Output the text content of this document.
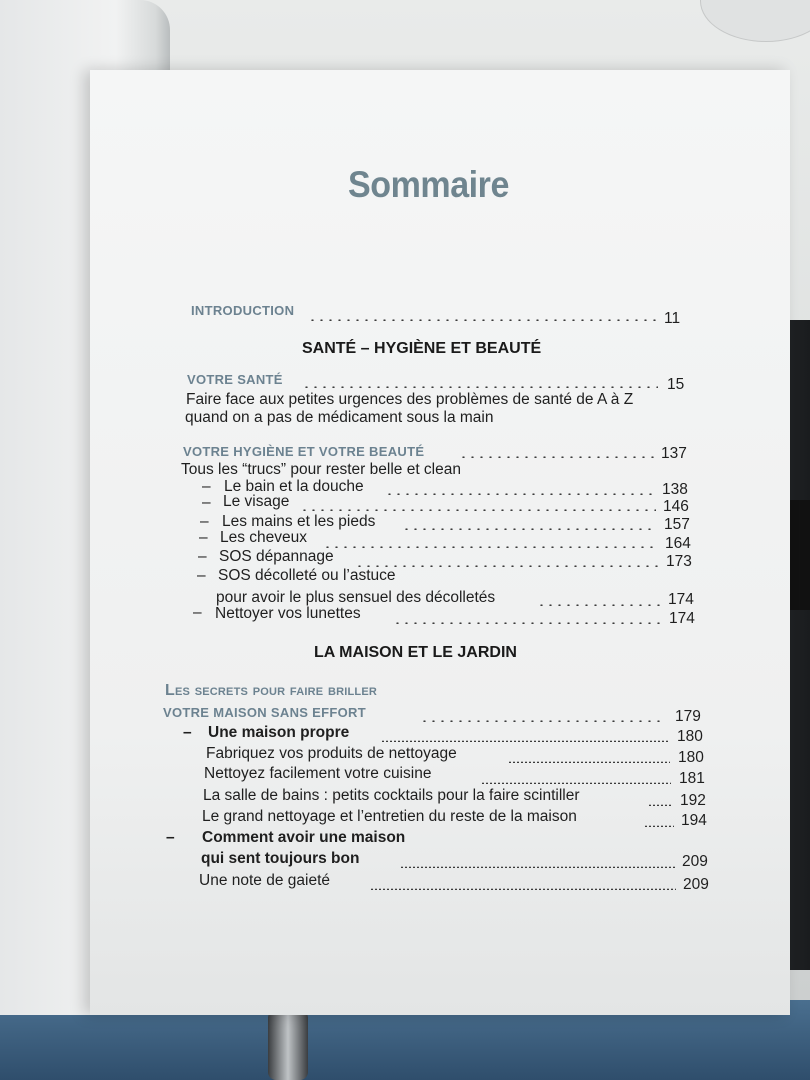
Sommaire
INTRODUCTION	11
SANTÉ – HYGIÈNE ET BEAUTÉ
VOTRE SANTÉ	15
Faire face aux petites urgences des problèmes de santé de A à Z
quand on a pas de médicament sous la main
VOTRE HYGIÈNE ET VOTRE BEAUTÉ	137
Tous les “trucs” pour rester belle et clean
– Le bain et la douche	138
– Le visage	146
– Les mains et les pieds	157
– Les cheveux	164
– SOS dépannage	173
– SOS décolleté ou l’astuce
pour avoir le plus sensuel des décolletés	174
– Nettoyer vos lunettes	174
LA MAISON ET LE JARDIN
Les secrets pour faire briller
VOTRE MAISON SANS EFFORT	179
– Une maison propre	180
Fabriquez vos produits de nettoyage	180
Nettoyez facilement votre cuisine	181
La salle de bains : petits cocktails pour la faire scintiller	192
Le grand nettoyage et l’entretien du reste de la maison	194
– Comment avoir une maison
qui sent toujours bon	209
Une note de gaieté	209
